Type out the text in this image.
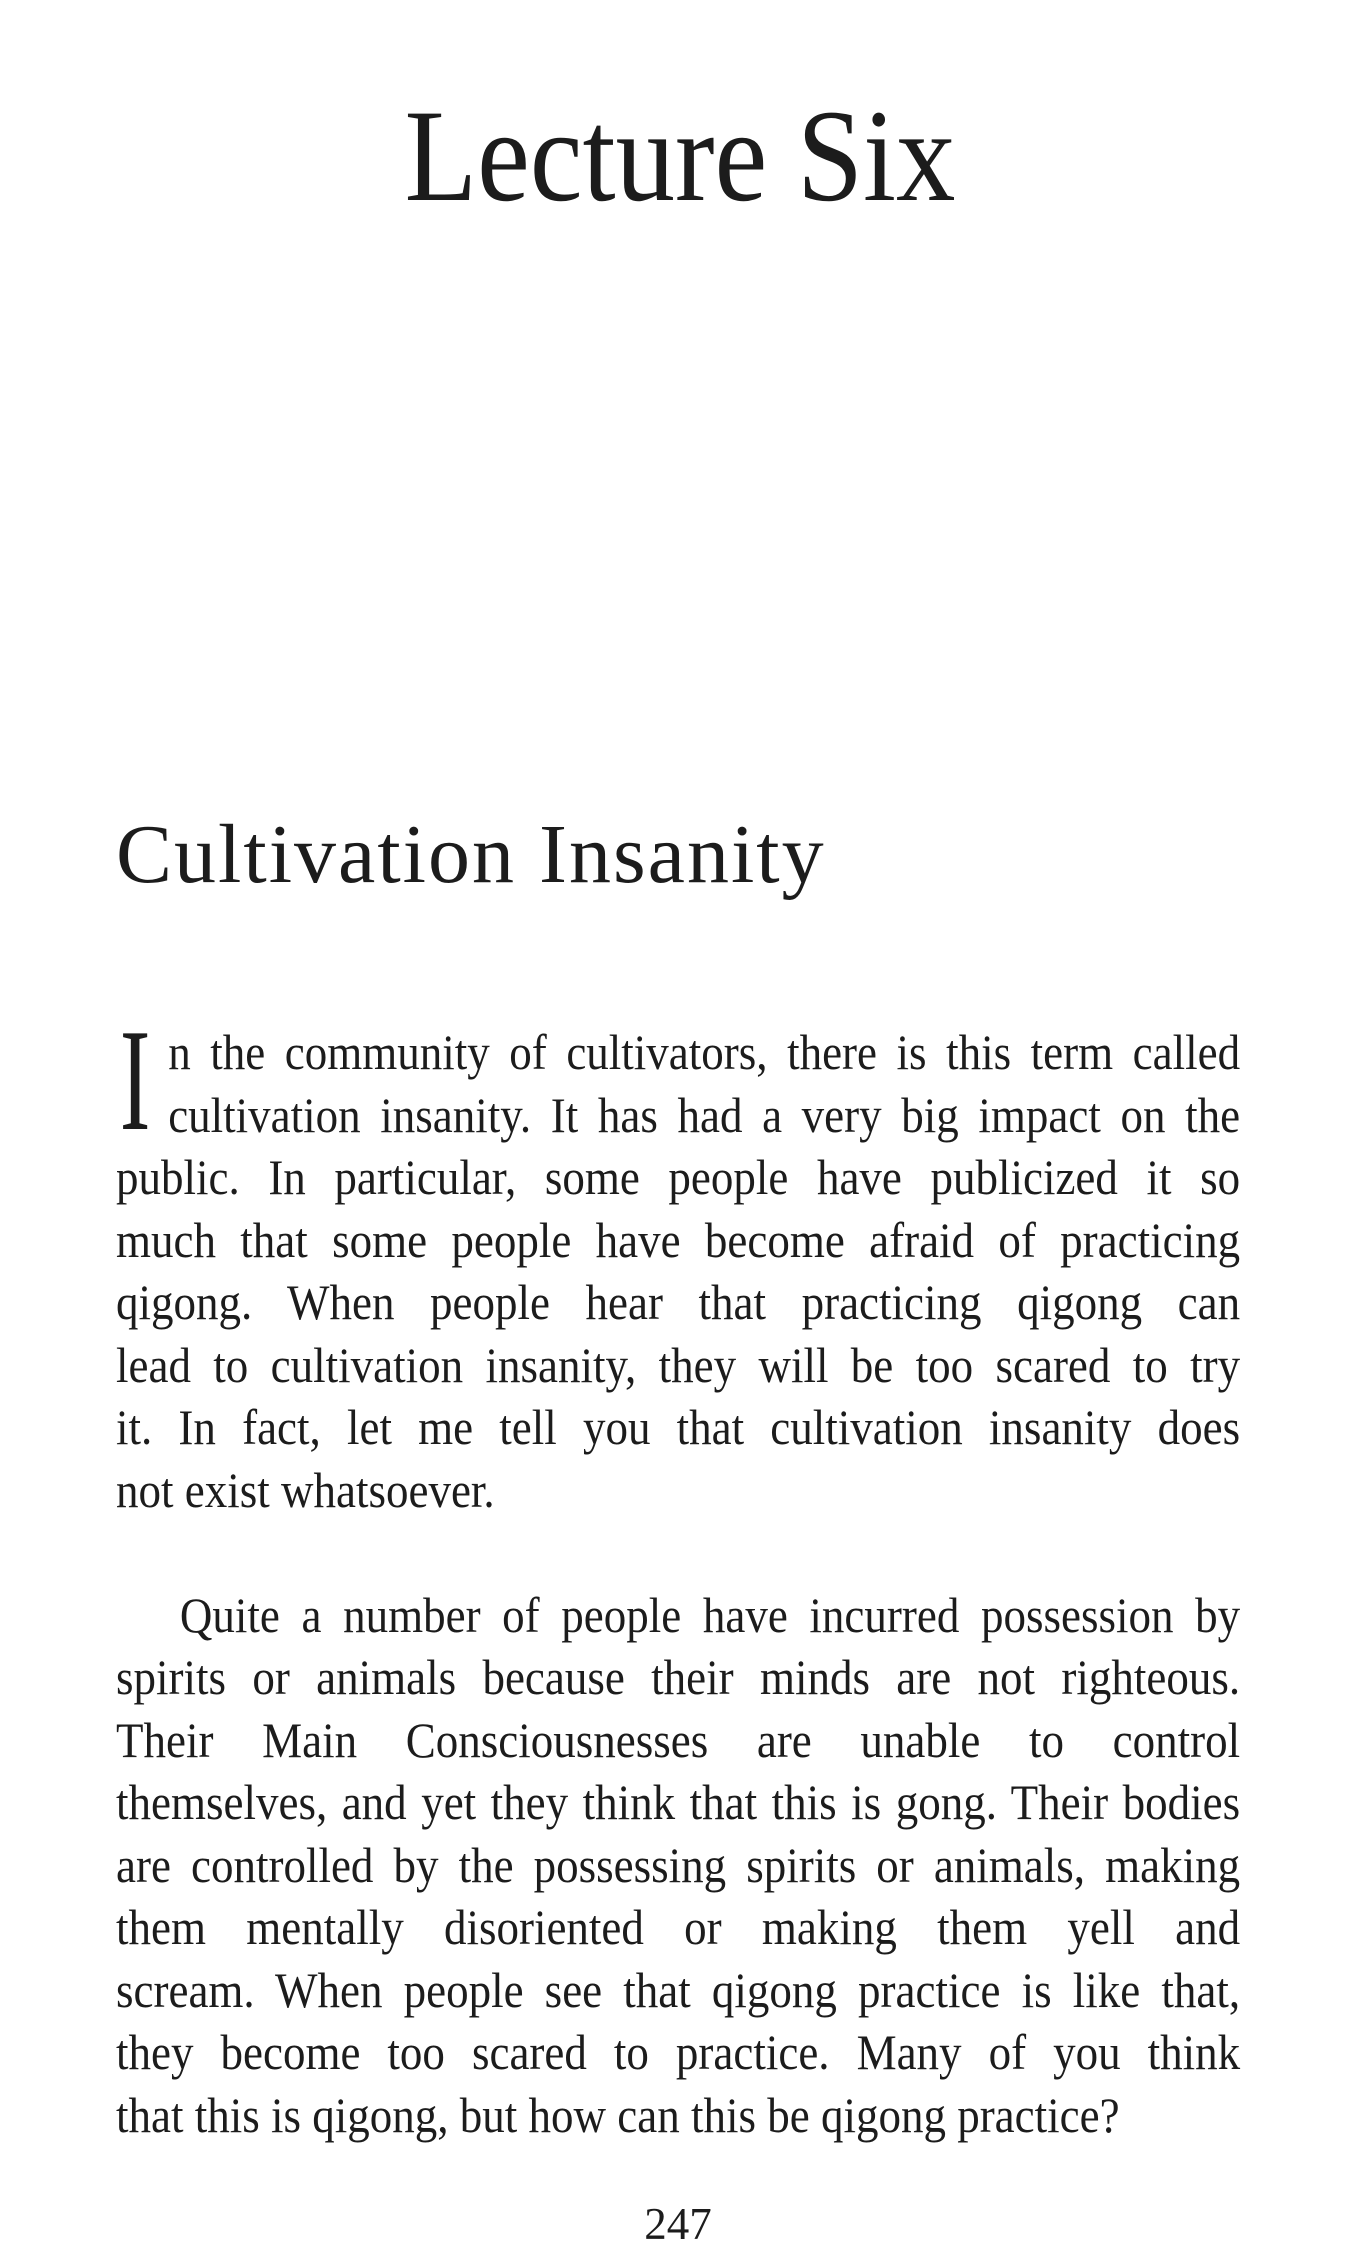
Lecture Six
Cultivation Insanity
I n the community of cultivators, there is this term called
cultivation insanity. It has had a very big impact on the
public. In particular, some people have publicized it so
much that some people have become afraid of practicing
qigong. When people hear that practicing qigong can
lead to cultivation insanity, they will be too scared to try
it. In fact, let me tell you that cultivation insanity does
not exist whatsoever.
Quite a number of people have incurred possession by
spirits or animals because their minds are not righteous.
Their Main Consciousnesses are unable to control
themselves, and yet they think that this is gong. Their bodies
are controlled by the possessing spirits or animals, making
them mentally disoriented or making them yell and
scream. When people see that qigong practice is like that,
they become too scared to practice. Many of you think
that this is qigong, but how can this be qigong practice?
247
